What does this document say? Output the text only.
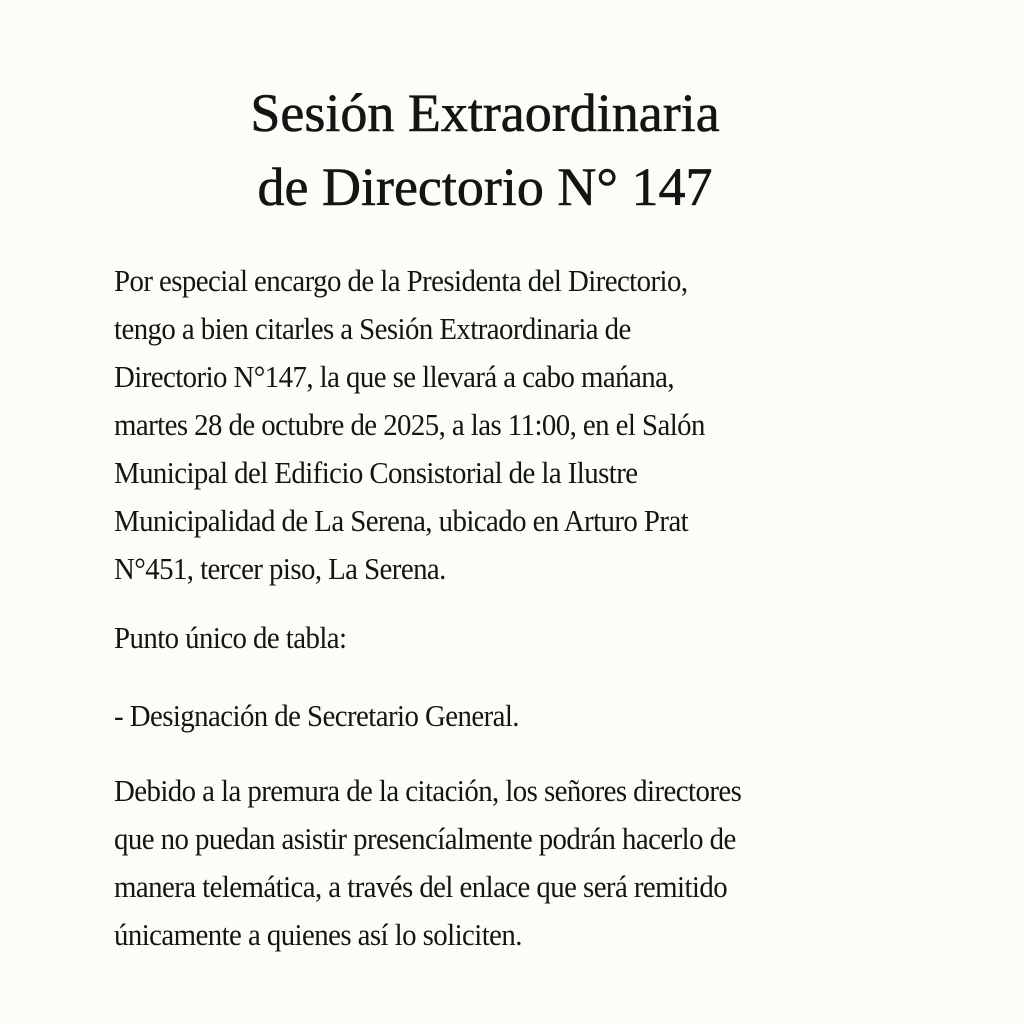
Sesión Extraordinaria
de Directorio N° 147

Por especial encargo de la Presidenta del Directorio,

tengo a bien citarles a Sesión Extraordinaria de

Directorio N°147, la que se llevará a cabo mańana,

martes 28 de octubre de 2025, a las 11:00, en el Salón

Municipal del Edificio Consistorial de la Ilustre

Municipalidad de La Serena, ubicado en Arturo Prat

N°451, tercer piso, La Serena.

Punto único de tabla:

- Designación de Secretario General.

Debido a la premura de la citación, los señores directores

que no puedan asistir presencíalmente podrán hacerlo de

manera telemática, a través del enlace que será remitido

únicamente a quienes así lo soliciten.
